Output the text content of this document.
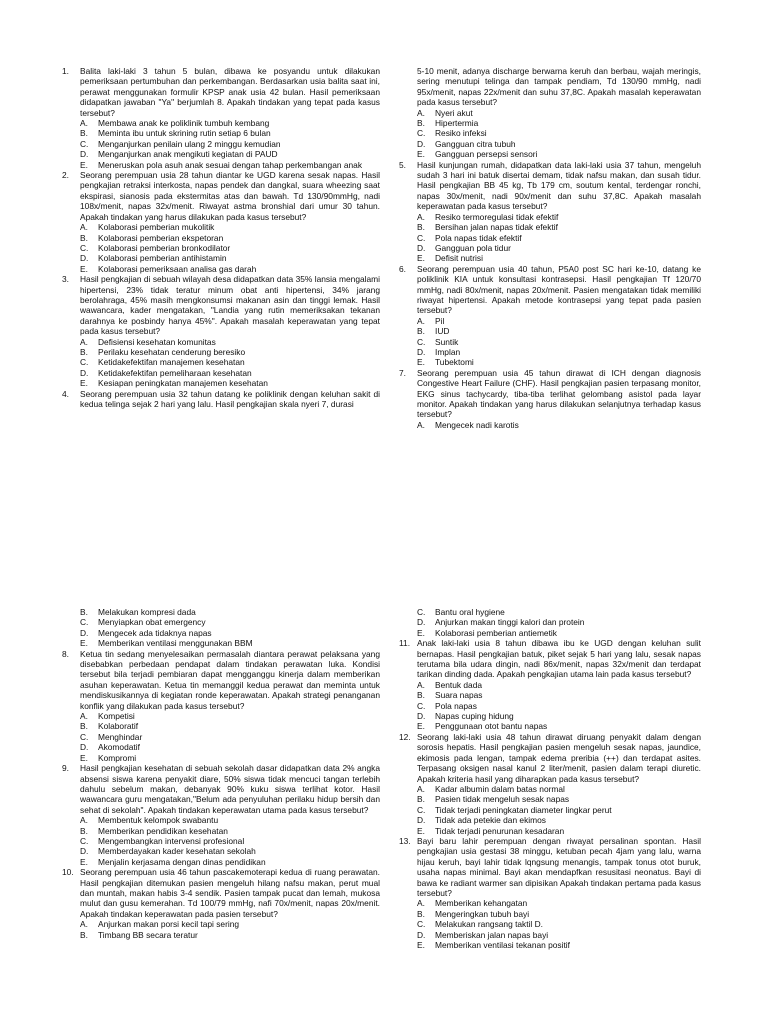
1.	Balita laki-laki 3 tahun 5 bulan, dibawa ke posyandu untuk dilakukan pemeriksaan pertumbuhan dan perkembangan. Berdasarkan usia balita saat ini, perawat menggunakan formulir KPSP anak usia 42 bulan. Hasil pemeriksaan didapatkan jawaban "Ya" berjumlah 8. Apakah tindakan yang tepat pada kasus tersebut?
A.	Membawa anak ke poliklinik tumbuh kembang
B.	Meminta ibu untuk skrining rutin setiap 6 bulan
C.	Menganjurkan penilain ulang 2 minggu kemudian
D.	Menganjurkan anak mengikuti kegiatan di PAUD
E.	Meneruskan pola asuh anak sesuai dengan tahap perkembangan anak
2.	Seorang perempuan usia 28 tahun diantar ke UGD karena sesak napas. Hasil pengkajian retraksi interkosta, napas pendek dan dangkal, suara wheezing saat ekspirasi, sianosis pada ekstermitas atas dan bawah. Td 130/90mmHg, nadi 108x/menit, napas 32x/menit. Riwayat astma bronshial dari umur 30 tahun. Apakah tindakan yang harus dilakukan pada kasus tersebut?
A.	Kolaborasi pemberian mukolitik
B.	Kolaborasi pemberian ekspetoran
C.	Kolaborasi pemberian bronkodilator
D.	Kolaborasi pemberian antihistamin
E.	Kolaborasi pemeriksaan analisa gas darah
3.	Hasil pengkajian di sebuah wilayah desa didapatkan data 35% lansia mengalami hipertensi, 23% tidak teratur minum obat anti hipertensi, 34% jarang berolahraga, 45% masih mengkonsumsi makanan asin dan tinggi lemak. Hasil wawancara, kader mengatakan, "Landia yang rutin memeriksakan tekanan darahnya ke posbindy hanya 45%". Apakah masalah keperawatan yang tepat pada kasus tersebut?
A.	Defisiensi kesehatan komunitas
B.	Perilaku kesehatan cenderung beresiko
C.	Ketidakefektifan manajemen kesehatan
D.	Ketidakefektifan pemeliharaan kesehatan
E.	Kesiapan peningkatan manajemen kesehatan
4.	Seorang perempuan usia 32 tahun datang ke poliklinik dengan keluhan sakit di kedua telinga sejak 2 hari yang lalu. Hasil pengkajian skala nyeri 7, durasi
5-10 menit, adanya discharge berwarna keruh dan berbau, wajah meringis, sering menutupi telinga dan tampak pendiam, Td 130/90 mmHg, nadi 95x/menit, napas 22x/menit dan suhu 37,8C. Apakah masalah keperawatan pada kasus tersebut?
A.	Nyeri akut
B.	Hipertermia
C.	Resiko infeksi
D.	Gangguan citra tubuh
E.	Gangguan persepsi sensori
5.	Hasil kunjungan rumah, didapatkan data laki-laki usia 37 tahun, mengeluh sudah 3 hari ini batuk disertai demam, tidak nafsu makan, dan susah tidur. Hasil pengkajian BB 45 kg, Tb 179 cm, soutum kental, terdengar ronchi, napas 30x/menit, nadi 90x/menit dan suhu 37,8C. Apakah masalah keperawatan pada kasus tersebut?
A.	Resiko termoregulasi tidak efektif
B.	Bersihan jalan napas tidak efektif
C.	Pola napas tidak efektif
D.	Gangguan pola tidur
E.	Defisit nutrisi
6.	Seorang perempuan usia 40 tahun, P5A0 post SC hari ke-10, datang ke poliklinik KIA untuk konsultasi kontrasepsi. Hasil pengkajian Tf 120/70 mmHg, nadi 80x/menit, napas 20x/menit. Pasien mengatakan tidak memiliki riwayat hipertensi. Apakah metode kontrasepsi yang tepat pada pasien tersebut?
A.	Pil
B.	IUD
C.	Suntik
D.	Implan
E.	Tubektomi
7.	Seorang perempuan usia 45 tahun dirawat di ICH dengan diagnosis Congestive Heart Failure (CHF). Hasil pengkajian pasien terpasang monitor, EKG sinus tachycardy, tiba-tiba terlihat gelombang asistol pada layar monitor. Apakah tindakan yang harus dilakukan selanjutnya terhadap kasus tersebut?
A.	Mengecek nadi karotis
B.	Melakukan kompresi dada
C.	Menyiapkan obat emergency
D.	Mengecek ada tidaknya napas
E.	Memberikan ventilasi menggunakan BBM
8.	Ketua tin sedang menyelesaikan permasalah diantara perawat pelaksana yang disebabkan perbedaan pendapat dalam tindakan perawatan luka. Kondisi tersebut bila terjadi pembiaran dapat mengganggu kinerja dalam memberikan asuhan keperawatan. Ketua tin memanggil kedua perawat dan meminta untuk mendiskusikannya di kegiatan ronde keperawatan. Apakah strategi penanganan konflik yang dilakukan pada kasus tersebut?
A.	Kompetisi
B.	Kolaboratif
C.	Menghindar
D.	Akomodatif
E.	Kompromi
9.	Hasil pengkajian kesehatan di sebuah sekolah dasar didapatkan data 2% angka absensi siswa karena penyakit diare, 50% siswa tidak mencuci tangan terlebih dahulu sebelum makan, debanyak 90% kuku siswa terlihat kotor. Hasil wawancara guru mengatakan,"Belum ada penyuluhan perilaku hidup bersih dan sehat di sekolah". Apakah tindakan keperawatan utama pada kasus tersebut?
A.	Membentuk kelompok swabantu
B.	Memberikan pendidikan kesehatan
C.	Mengembangkan intervensi profesional
D.	Memberdayakan kader kesehatan sekolah
E.	Menjalin kerjasama dengan dinas pendidikan
10. Seorang perempuan usia 46 tahun pascakemoterapi kedua di ruang perawatan. Hasil pengkajian ditemukan pasien mengeluh hilang nafsu makan, perut mual dan muntah, makan habis 3-4 sendik. Pasien tampak pucat dan lemah, mukosa mulut dan gusu kemerahan. Td 100/79 mmHg, nafi 70x/menit, napas 20x/menit. Apakah tindakan keperawatan pada pasien tersebut?
A.	Anjurkan makan porsi kecil tapi sering
B.	Timbang BB secara teratur
C.	Bantu oral hygiene
D.	Anjurkan makan tinggi kalori dan protein
E.	Kolaborasi pemberian antiemetik
11. Anak laki-laki usia 8 tahun dibawa ibu ke UGD dengan keluhan sulit bernapas. Hasil pengkajian batuk, piket sejak 5 hari yang lalu, sesak napas terutama bila udara dingin, nadi 86x/menit, napas 32x/menit dan terdapat tarikan dinding dada. Apakah pengkajian utama lain pada kasus tersebut?
A.	Bentuk dada
B.	Suara napas
C.	Pola napas
D.	Napas cuping hidung
E.	Penggunaan otot bantu napas
12. Seorang laki-laki usia 48 tahun dirawat diruang penyakit dalam dengan sorosis hepatis. Hasil pengkajian pasien mengeluh sesak napas, jaundice, ekimosis pada lengan, tampak edema preribia (++) dan terdapat asites. Terpasang oksigen nasal kanul 2 liter/menit, pasien dalam terapi diuretic. Apakah kriteria hasil yang diharapkan pada kasus tersebut?
A.	Kadar albumin dalam batas normal
B.	Pasien tidak mengeluh sesak napas
C.	Tidak terjadi peningkatan diameter lingkar perut
D.	Tidak ada petekie dan ekimos
E.	Tidak terjadi penurunan kesadaran
13. Bayi baru lahir perempuan dengan riwayat persalinan spontan. Hasil pengkajian usia gestasi 38 minggu, ketuban pecah 4jam yang lalu, warna hijau keruh, bayi lahir tidak lqngsung menangis, tampak tonus otot buruk, usaha napas minimal. Bayi akan mendapfkan resusitasi neonatus. Bayi di bawa ke radiant warmer san dipisikan Apakah tindakan pertama pada kasus tersebut?
A.	Memberikan kehangatan
B.	Mengeringkan tubuh bayi
C.	Melakukan rangsang taktil D.
D.	Memberiskan jalan napas bayi
E.	Memberikan ventilasi tekanan positif
